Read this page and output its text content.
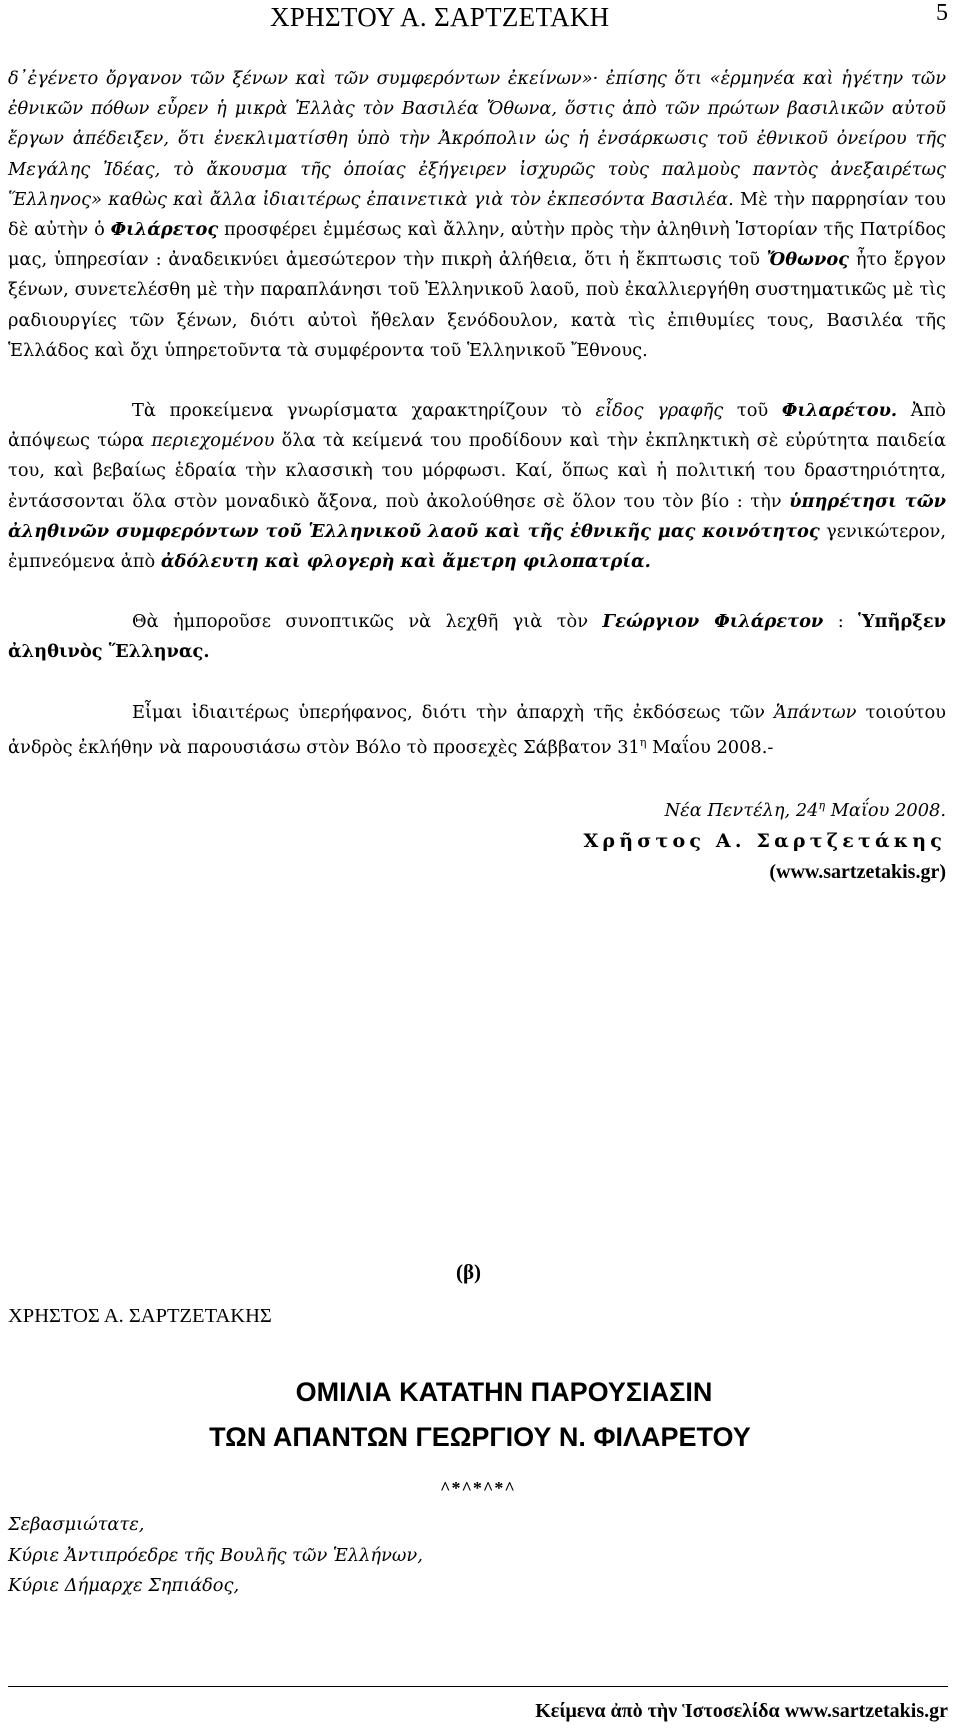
ΧΡΗΣΤΟΥ Α. ΣΑΡΤΖΕΤΑΚΗ	5

δ᾽ἐγένετο ὄργανον τῶν ξένων καὶ τῶν συμφερόντων ἐκείνων»· ἐπίσης ὅτι «ἑρμηνέα καὶ ἡγέτην τῶν ἐθνικῶν πόθων εὗρεν ἡ μικρὰ Ἑλλὰς τὸν Βασιλέα Ὄθωνα, ὅστις ἀπὸ τῶν πρώτων βασιλικῶν αὐτοῦ ἔργων ἀπέδειξεν, ὅτι ἐνεκλιματίσθη ὑπὸ τὴν Ἀκρόπολιν ὡς ἡ ἐνσάρκωσις τοῦ ἐθνικοῦ ὀνείρου τῆς Μεγάλης Ἰδέας, τὸ ἄκουσμα τῆς ὁποίας ἐξήγειρεν ἰσχυρῶς τοὺς παλμοὺς παντὸς ἀνεξαιρέτως Ἕλληνος» καθὼς καὶ ἄλλα ἰδιαιτέρως ἐπαινετικὰ γιὰ τὸν ἐκπεσόντα Βασιλέα. Μὲ τὴν παρρησίαν του δὲ αὐτὴν ὁ Φιλάρετος προσφέρει ἐμμέσως καὶ ἄλλην, αὐτὴν πρὸς τὴν ἀληθινὴ Ἱστορίαν τῆς Πατρίδος μας, ὑπηρεσίαν : ἀναδεικνύει ἀμεσώτερον τὴν πικρὴ ἀλήθεια, ὅτι ἡ ἔκπτωσις τοῦ Ὄθωνος ἦτο ἔργον ξένων, συνετελέσθη μὲ τὴν παραπλάνησι τοῦ Ἑλληνικοῦ λαοῦ, ποὺ ἐκαλλιεργήθη συστηματικῶς μὲ τὶς ραδιουργίες τῶν ξένων, διότι αὐτοὶ ἤθελαν ξενόδουλον, κατὰ τὶς ἐπιθυμίες τους, Βασιλέα τῆς Ἑλλάδος καὶ ὄχι ὑπηρετοῦντα τὰ συμφέροντα τοῦ Ἑλληνικοῦ Ἔθνους.

Τὰ προκείμενα γνωρίσματα χαρακτηρίζουν τὸ εἶδος γραφῆς τοῦ Φιλαρέτου. Ἀπὸ ἀπόψεως τώρα περιεχομένου ὅλα τὰ κείμενά του προδίδουν καὶ τὴν ἐκπληκτικὴ σὲ εὐρύτητα παιδεία του, καὶ βεβαίως ἑδραία τὴν κλασσικὴ του μόρφωσι. Καί, ὅπως καὶ ἡ πολιτική του δραστηριότητα, ἐντάσσονται ὅλα στὸν μοναδικὸ ἄξονα, ποὺ ἀκολούθησε σὲ ὅλον του τὸν βίο : τὴν ὑπηρέτησι τῶν ἀληθινῶν συμφερόντων τοῦ Ἑλληνικοῦ λαοῦ καὶ τῆς ἐθνικῆς μας κοινότητος γενικώτερον, ἐμπνεόμενα ἀπὸ ἀδόλευτη καὶ φλογερὴ καὶ ἄμετρη φιλοπατρία.

Θὰ ἠμποροῦσε συνοπτικῶς νὰ λεχθῆ γιὰ τὸν Γεώργιον Φιλάρετον : Ὑπῆρξεν ἀληθινὸς Ἕλληνας.

Εἶμαι ἰδιαιτέρως ὑπερήφανος, διότι τὴν ἀπαρχὴ τῆς ἐκδόσεως τῶν Ἁπάντων τοιούτου ἀνδρὸς ἐκλήθην νὰ παρουσιάσω στὸν Βόλο τὸ προσεχὲς Σάββατον $31^\eta$ Μαΐου 2008.-

Νέα Πεντέλη, $24^\eta$ Μαΐου 2008.
Χρῆστος Α. Σαρτζετάκης
(www.sartzetakis.gr)
(β)
ΧΡΗΣΤΟΣ Α. ΣΑΡΤΖΕΤΑΚΗΣ
ΟΜΙΛΙΑ ΚΑΤΑΤΗΝ ΠΑΡΟΥΣΙΑΣΙΝ
ΤΩΝ ΑΠΑΝΤΩΝ ΓΕΩΡΓΙΟΥ Ν. ΦΙΛΑΡΕΤΟΥ
^*^*^*^
Σεβασμιώτατε,
Κύριε Ἀντιπρόεδρε τῆς Βουλῆς τῶν Ἑλλήνων,
Κύριε Δήμαρχε Σηπιάδος,
Κείμενα ἀπὸ τὴν Ἱστοσελίδα www.sartzetakis.gr
